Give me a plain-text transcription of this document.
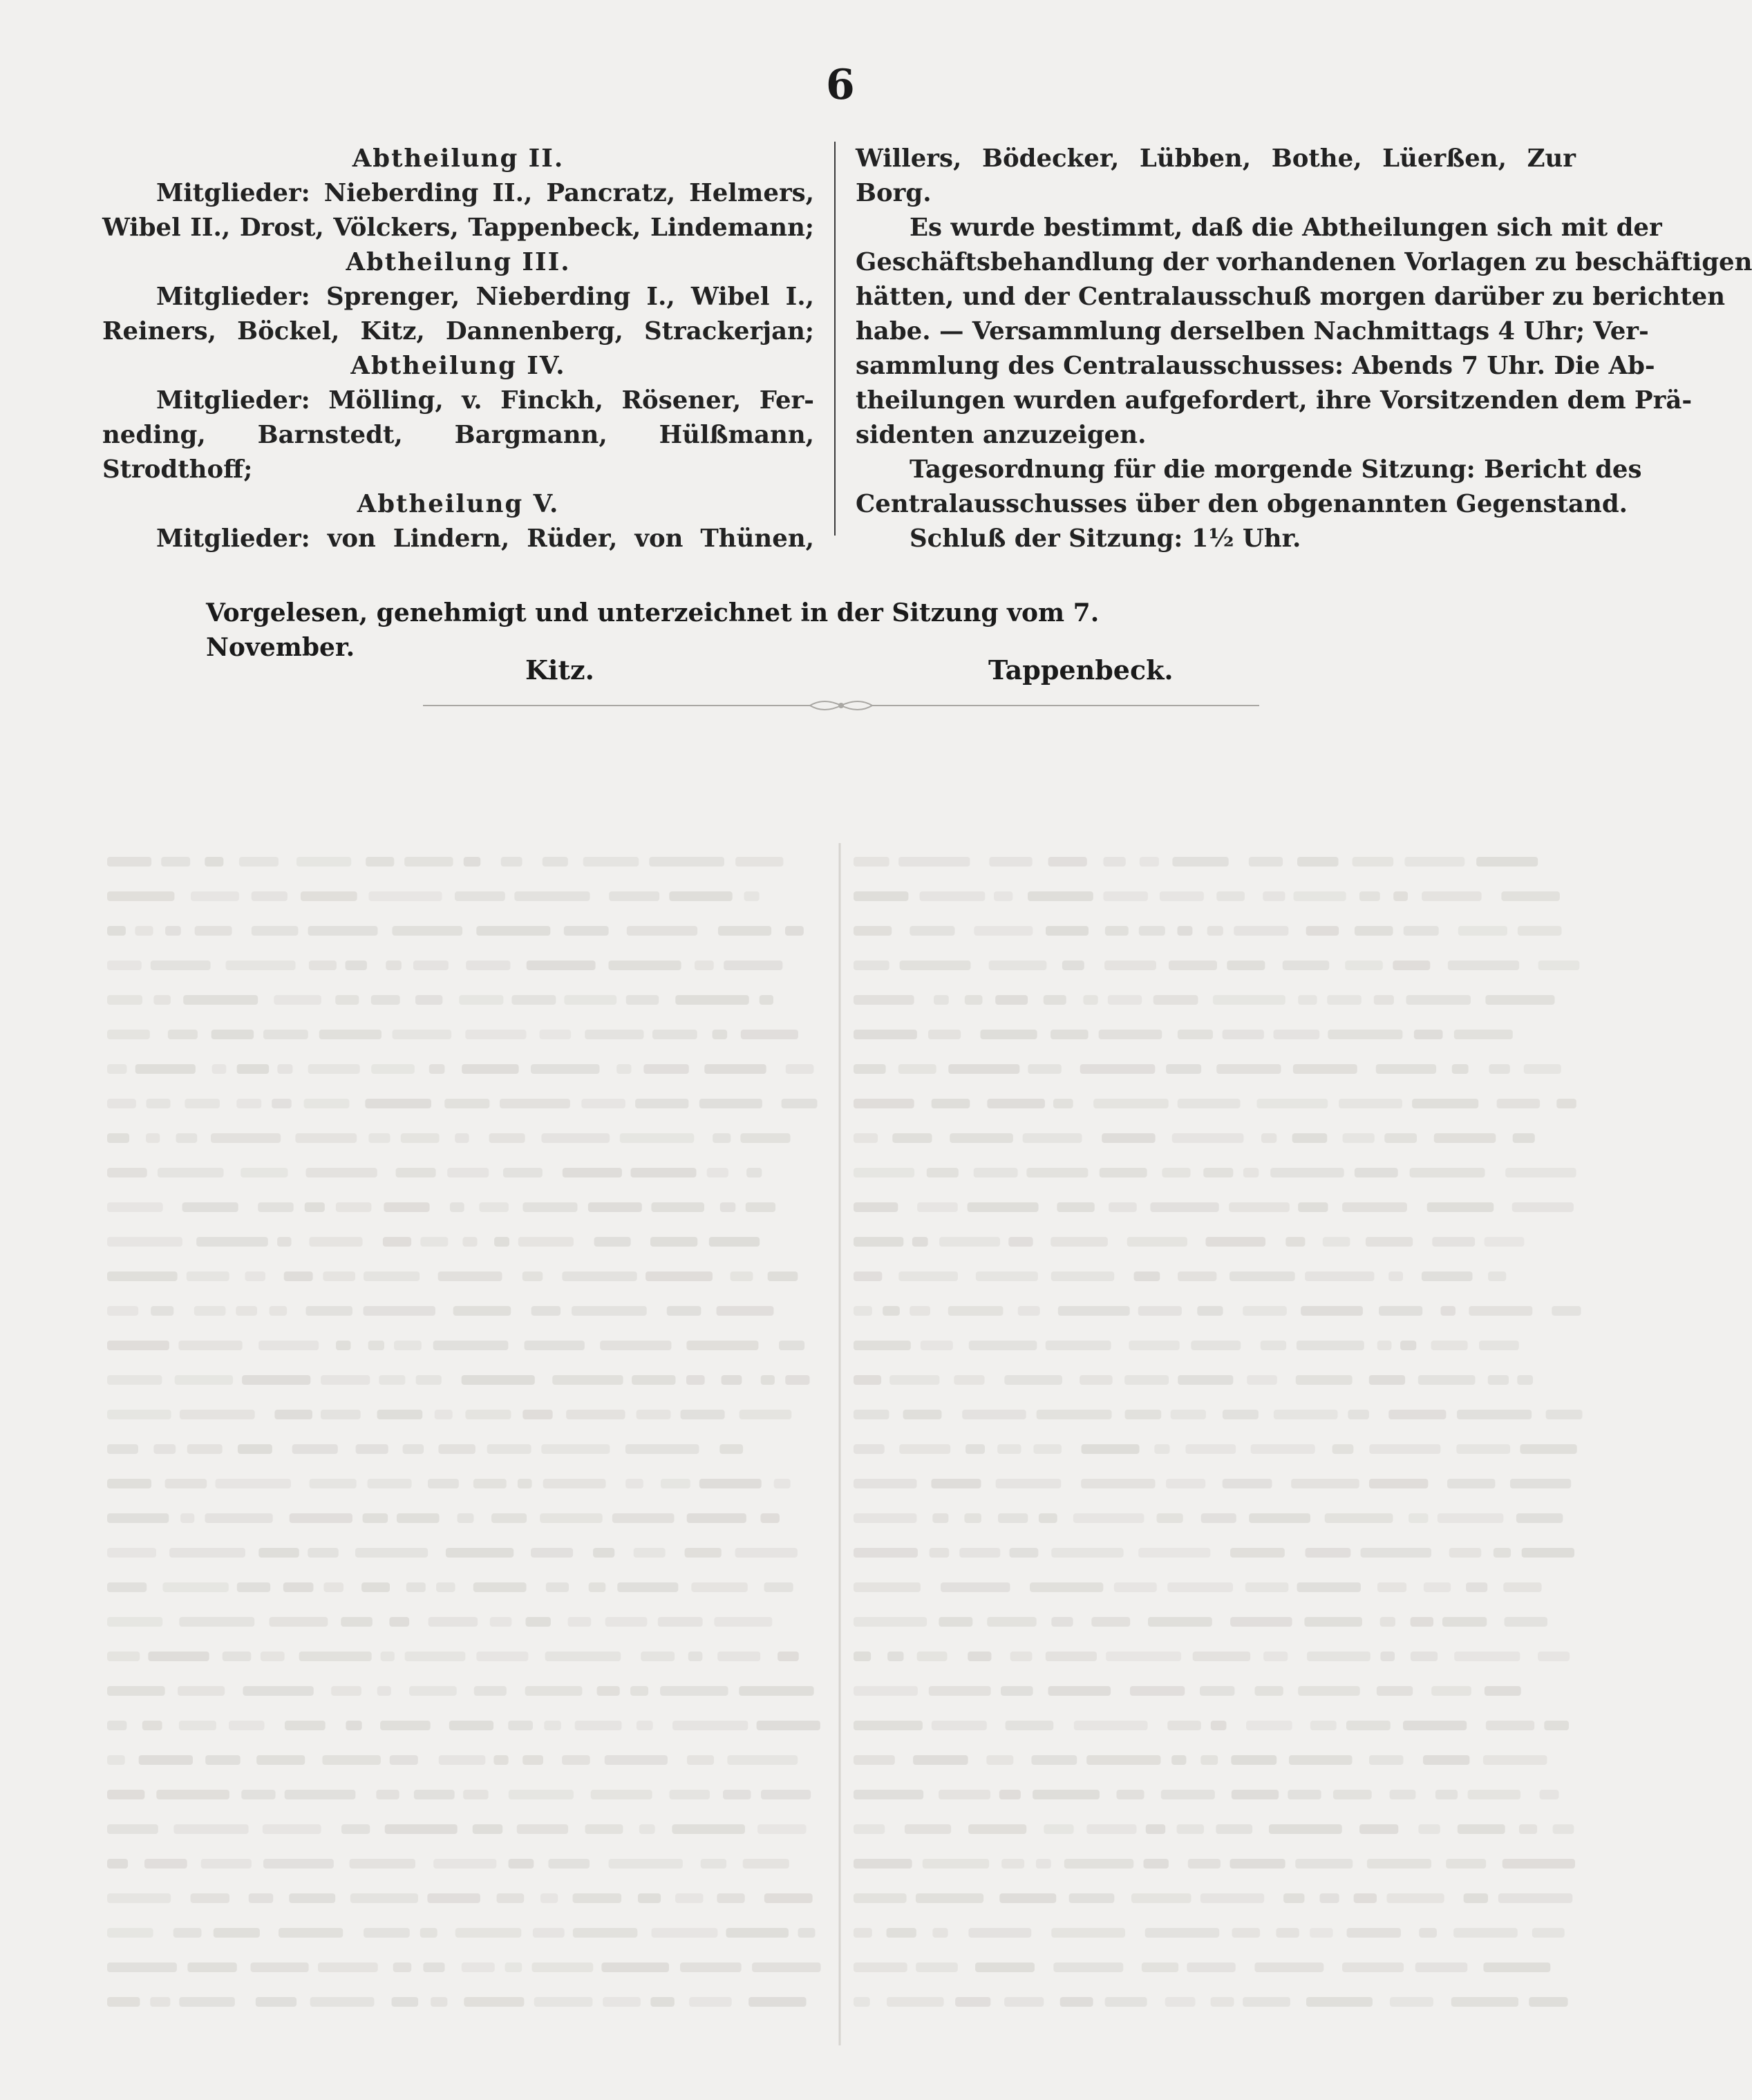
6
Abtheilung II.
Mitglieder: Nieberding II., Pancratz, Helmers,
Wibel II., Drost, Völckers, Tappenbeck, Lindemann;
Abtheilung III.
Mitglieder: Sprenger, Nieberding I., Wibel I.,
Reiners, Böckel, Kitz, Dannenberg, Strackerjan;
Abtheilung IV.
Mitglieder: Mölling, v. Finckh, Rösener, Fer-
neding, Barnstedt, Bargmann, Hülßmann,
Strodthoff;
Abtheilung V.
Mitglieder: von Lindern, Rüder, von Thünen,
Willers, Bödecker, Lübben, Bothe, Lüerßen, Zur
Borg.
Es wurde bestimmt, daß die Abtheilungen sich mit der
Geschäftsbehandlung der vorhandenen Vorlagen zu beschäftigen
hätten, und der Centralausschuß morgen darüber zu berichten
habe. — Versammlung derselben Nachmittags 4 Uhr; Ver-
sammlung des Centralausschusses: Abends 7 Uhr. Die Ab-
theilungen wurden aufgefordert, ihre Vorsitzenden dem Prä-
sidenten anzuzeigen.
Tagesordnung für die morgende Sitzung: Bericht des
Centralausschusses über den obgenannten Gegenstand.
Schluß der Sitzung: 1½ Uhr.
Vorgelesen, genehmigt und unterzeichnet in der Sitzung vom 7. November.
Kitz.	Tappenbeck.
